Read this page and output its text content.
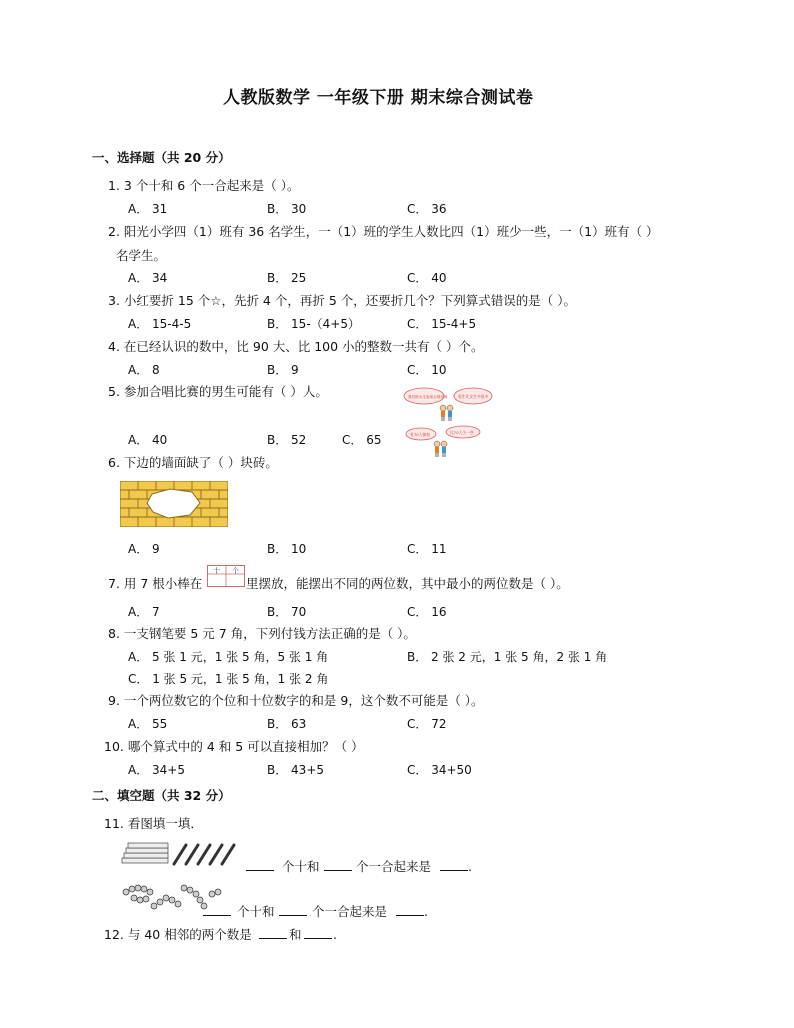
人教版数学 一年级下册 期末综合测试卷
一、选择题（共 20 分）
1. 3 个十和 6 个一合起来是（ ）。
A． 31	B． 30	C． 36
2. 阳光小学四（1）班有 36 名学生，一（1）班的学生人数比四（1）班少一些，一（1）班有（ ）
名学生。
A． 34	B． 25	C． 40
3. 小红要折 15 个☆，先折 4 个，再折 5 个，还要折几个？下列算式错误的是（ ）。
A． 15-4-5	B． 15-（4+5）	C． 15-4+5
4. 在已经认识的数中，比 90 大、比 100 小的整数一共有（ ）个。
A． 8	B． 9	C． 10
5. 参加合唱比赛的男生可能有（ ）人。
A． 40	B． 52	C． 65
我们班女生参加合唱比赛	男生比女生多很多
有70人参加	比70人少一些
6. 下边的墙面缺了（ ）块砖。
A． 9	B． 10	C． 11
7. 用 7 根小棒在
十 个
里摆放，能摆出不同的两位数，其中最小的两位数是（ ）。
A． 7	B． 70	C． 16
8. 一支钢笔要 5 元 7 角，下列付钱方法正确的是（ ）。
A． 5 张 1 元，1 张 5 角，5 张 1 角	B． 2 张 2 元，1 张 5 角，2 张 1 角
C． 1 张 5 元，1 张 5 角，1 张 2 角
9. 一个两位数它的个位和十位数字的和是 9，这个数不可能是（ ）。
A． 55	B． 63	C． 72
10. 哪个算式中的 4 和 5 可以直接相加？（ ）
A． 34+5	B． 43+5	C． 34+50
二、填空题（共 32 分）
11. 看图填一填．
个十和	个一合起来是	.
个十和	个一合起来是	.
12. 与 40 相邻的两个数是	和	.
